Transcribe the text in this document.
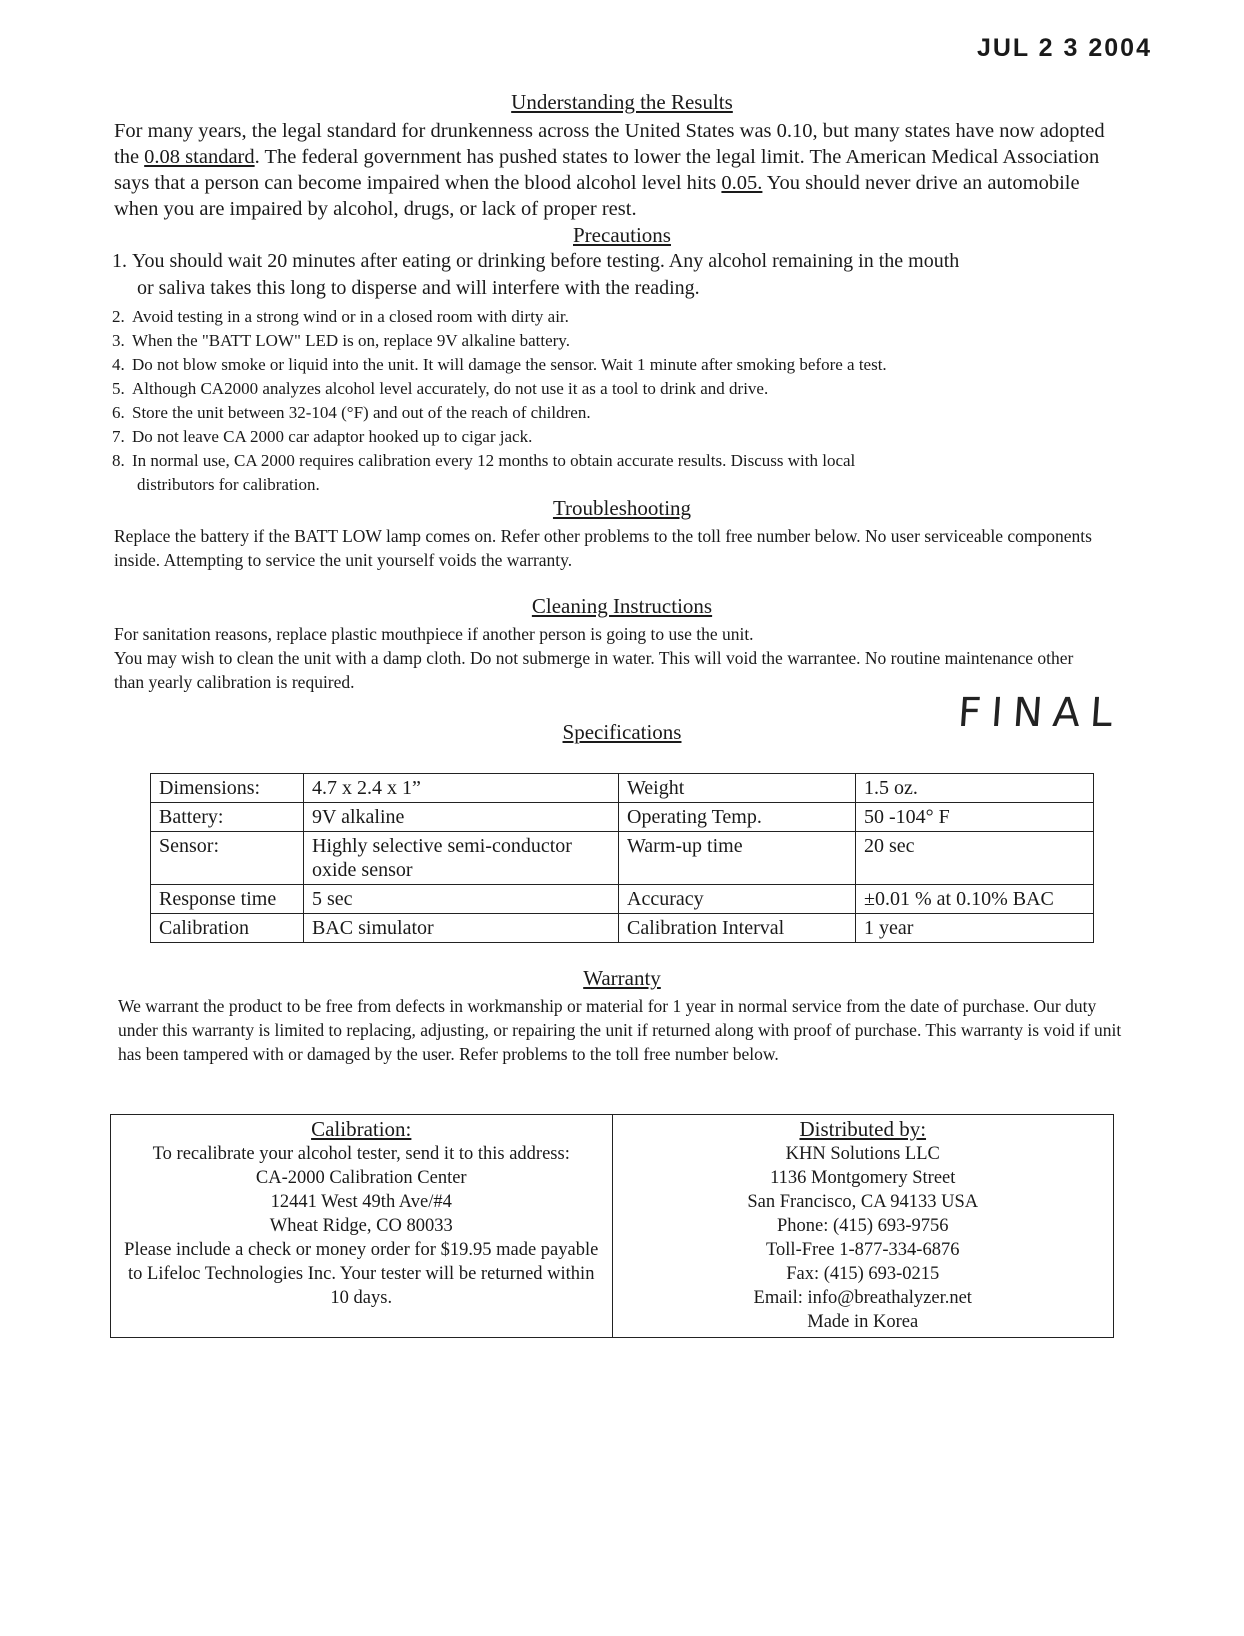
JUL 2 3 2004
Understanding the Results
For many years, the legal standard for drunkenness across the United States was 0.10, but many states have now adopted the 0.08 standard. The federal government has pushed states to lower the legal limit. The American Medical Association says that a person can become impaired when the blood alcohol level hits 0.05. You should never drive an automobile when you are impaired by alcohol, drugs, or lack of proper rest.
Precautions
1. You should wait 20 minutes after eating or drinking before testing. Any alcohol remaining in the mouth
or saliva takes this long to disperse and will interfere with the reading.
2. Avoid testing in a strong wind or in a closed room with dirty air.
3. When the "BATT LOW" LED is on, replace 9V alkaline battery.
4. Do not blow smoke or liquid into the unit. It will damage the sensor. Wait 1 minute after smoking before a test.
5. Although CA2000 analyzes alcohol level accurately, do not use it as a tool to drink and drive.
6. Store the unit between 32-104 (°F) and out of the reach of children.
7. Do not leave CA 2000 car adaptor hooked up to cigar jack.
8. In normal use, CA 2000 requires calibration every 12 months to obtain accurate results. Discuss with local
distributors for calibration.
Troubleshooting
Replace the battery if the BATT LOW lamp comes on. Refer other problems to the toll free number below. No user serviceable components inside. Attempting to service the unit yourself voids the warranty.
Cleaning Instructions
For sanitation reasons, replace plastic mouthpiece if another person is going to use the unit.
You may wish to clean the unit with a damp cloth. Do not submerge in water. This will void the warrantee. No routine maintenance other than yearly calibration is required.
FINAL
Specifications
Dimensions:	4.7 x 2.4 x 1”	Weight	1.5 oz.
Battery:	9V alkaline	Operating Temp.	50 -104° F
Sensor:	Highly selective semi-conductor oxide sensor	Warm-up time	20 sec
Response time	5 sec	Accuracy	±0.01 % at 0.10% BAC
Calibration	BAC simulator	Calibration Interval	1 year
Warranty
We warrant the product to be free from defects in workmanship or material for 1 year in normal service from the date of purchase. Our duty under this warranty is limited to replacing, adjusting, or repairing the unit if returned along with proof of purchase. This warranty is void if unit has been tampered with or damaged by the user. Refer problems to the toll free number below.
Calibration:
To recalibrate your alcohol tester, send it to this address:
CA-2000 Calibration Center
12441 West 49th Ave/#4
Wheat Ridge, CO 80033
Please include a check or money order for $19.95 made payable to Lifeloc Technologies Inc. Your tester will be returned within 10 days.
Distributed by:
KHN Solutions LLC
1136 Montgomery Street
San Francisco, CA 94133 USA
Phone: (415) 693-9756
Toll-Free 1-877-334-6876
Fax: (415) 693-0215
Email: info@breathalyzer.net
Made in Korea
